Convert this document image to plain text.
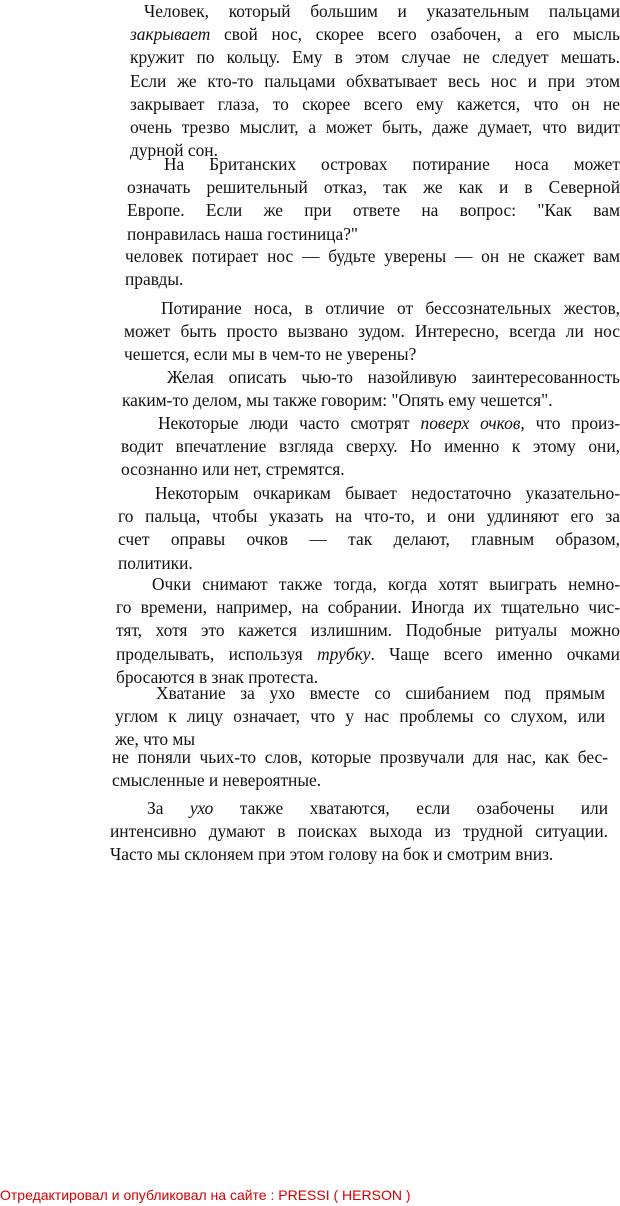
Человек, который большим и указательным пальцами
закрывает свой нос, скорее всего озабочен, а его мысль
кружит по кольцу. Ему в этом случае не следует мешать.
Если же кто-то пальцами обхватывает весь нос и при этом
закрывает глаза, то скорее всего ему кажется, что он не
очень трезво мыслит, а может быть, даже думает, что видит
дурной сон.
На Британских островах потирание носа может
означать решительный отказ, так же как и в Северной
Европе. Если же при ответе на вопрос: "Как вам
понравилась наша гостиница?"
человек потирает нос — будьте уверены — он не скажет вам
правды.
Потирание носа, в отличие от бессознательных жестов,
может быть просто вызвано зудом. Интересно, всегда ли нос
чешется, если мы в чем-то не уверены?
Желая описать чью-то назойливую заинтересованность
каким-то делом, мы также говорим: "Опять ему чешется".
Некоторые люди часто смотрят поверх очков, что произ-
водит впечатление взгляда сверху. Но именно к этому они,
осознанно или нет, стремятся.
Некоторым очкарикам бывает недостаточно указательно-
го пальца, чтобы указать на что-то, и они удлиняют его за
счет оправы очков — так делают, главным образом,
политики.
Очки снимают также тогда, когда хотят выиграть немно-
го времени, например, на собрании. Иногда их тщательно чис-
тят, хотя это кажется излишним. Подобные ритуалы можно
проделывать, используя трубку. Чаще всего именно очками
бросаются в знак протеста.
Хватание за ухо вместе со сшибанием под прямым
углом к лицу означает, что у нас проблемы со слухом, или
же, что мы
не поняли чьих-то слов, которые прозвучали для нас, как бес-
смысленные и невероятные.
За ухо также хватаются, если озабочены или
интенсивно думают в поисках выхода из трудной ситуации.
Часто мы склоняем при этом голову на бок и смотрим вниз.
Отредактировал и опубликовал на сайте : PRESSI ( HERSON )
